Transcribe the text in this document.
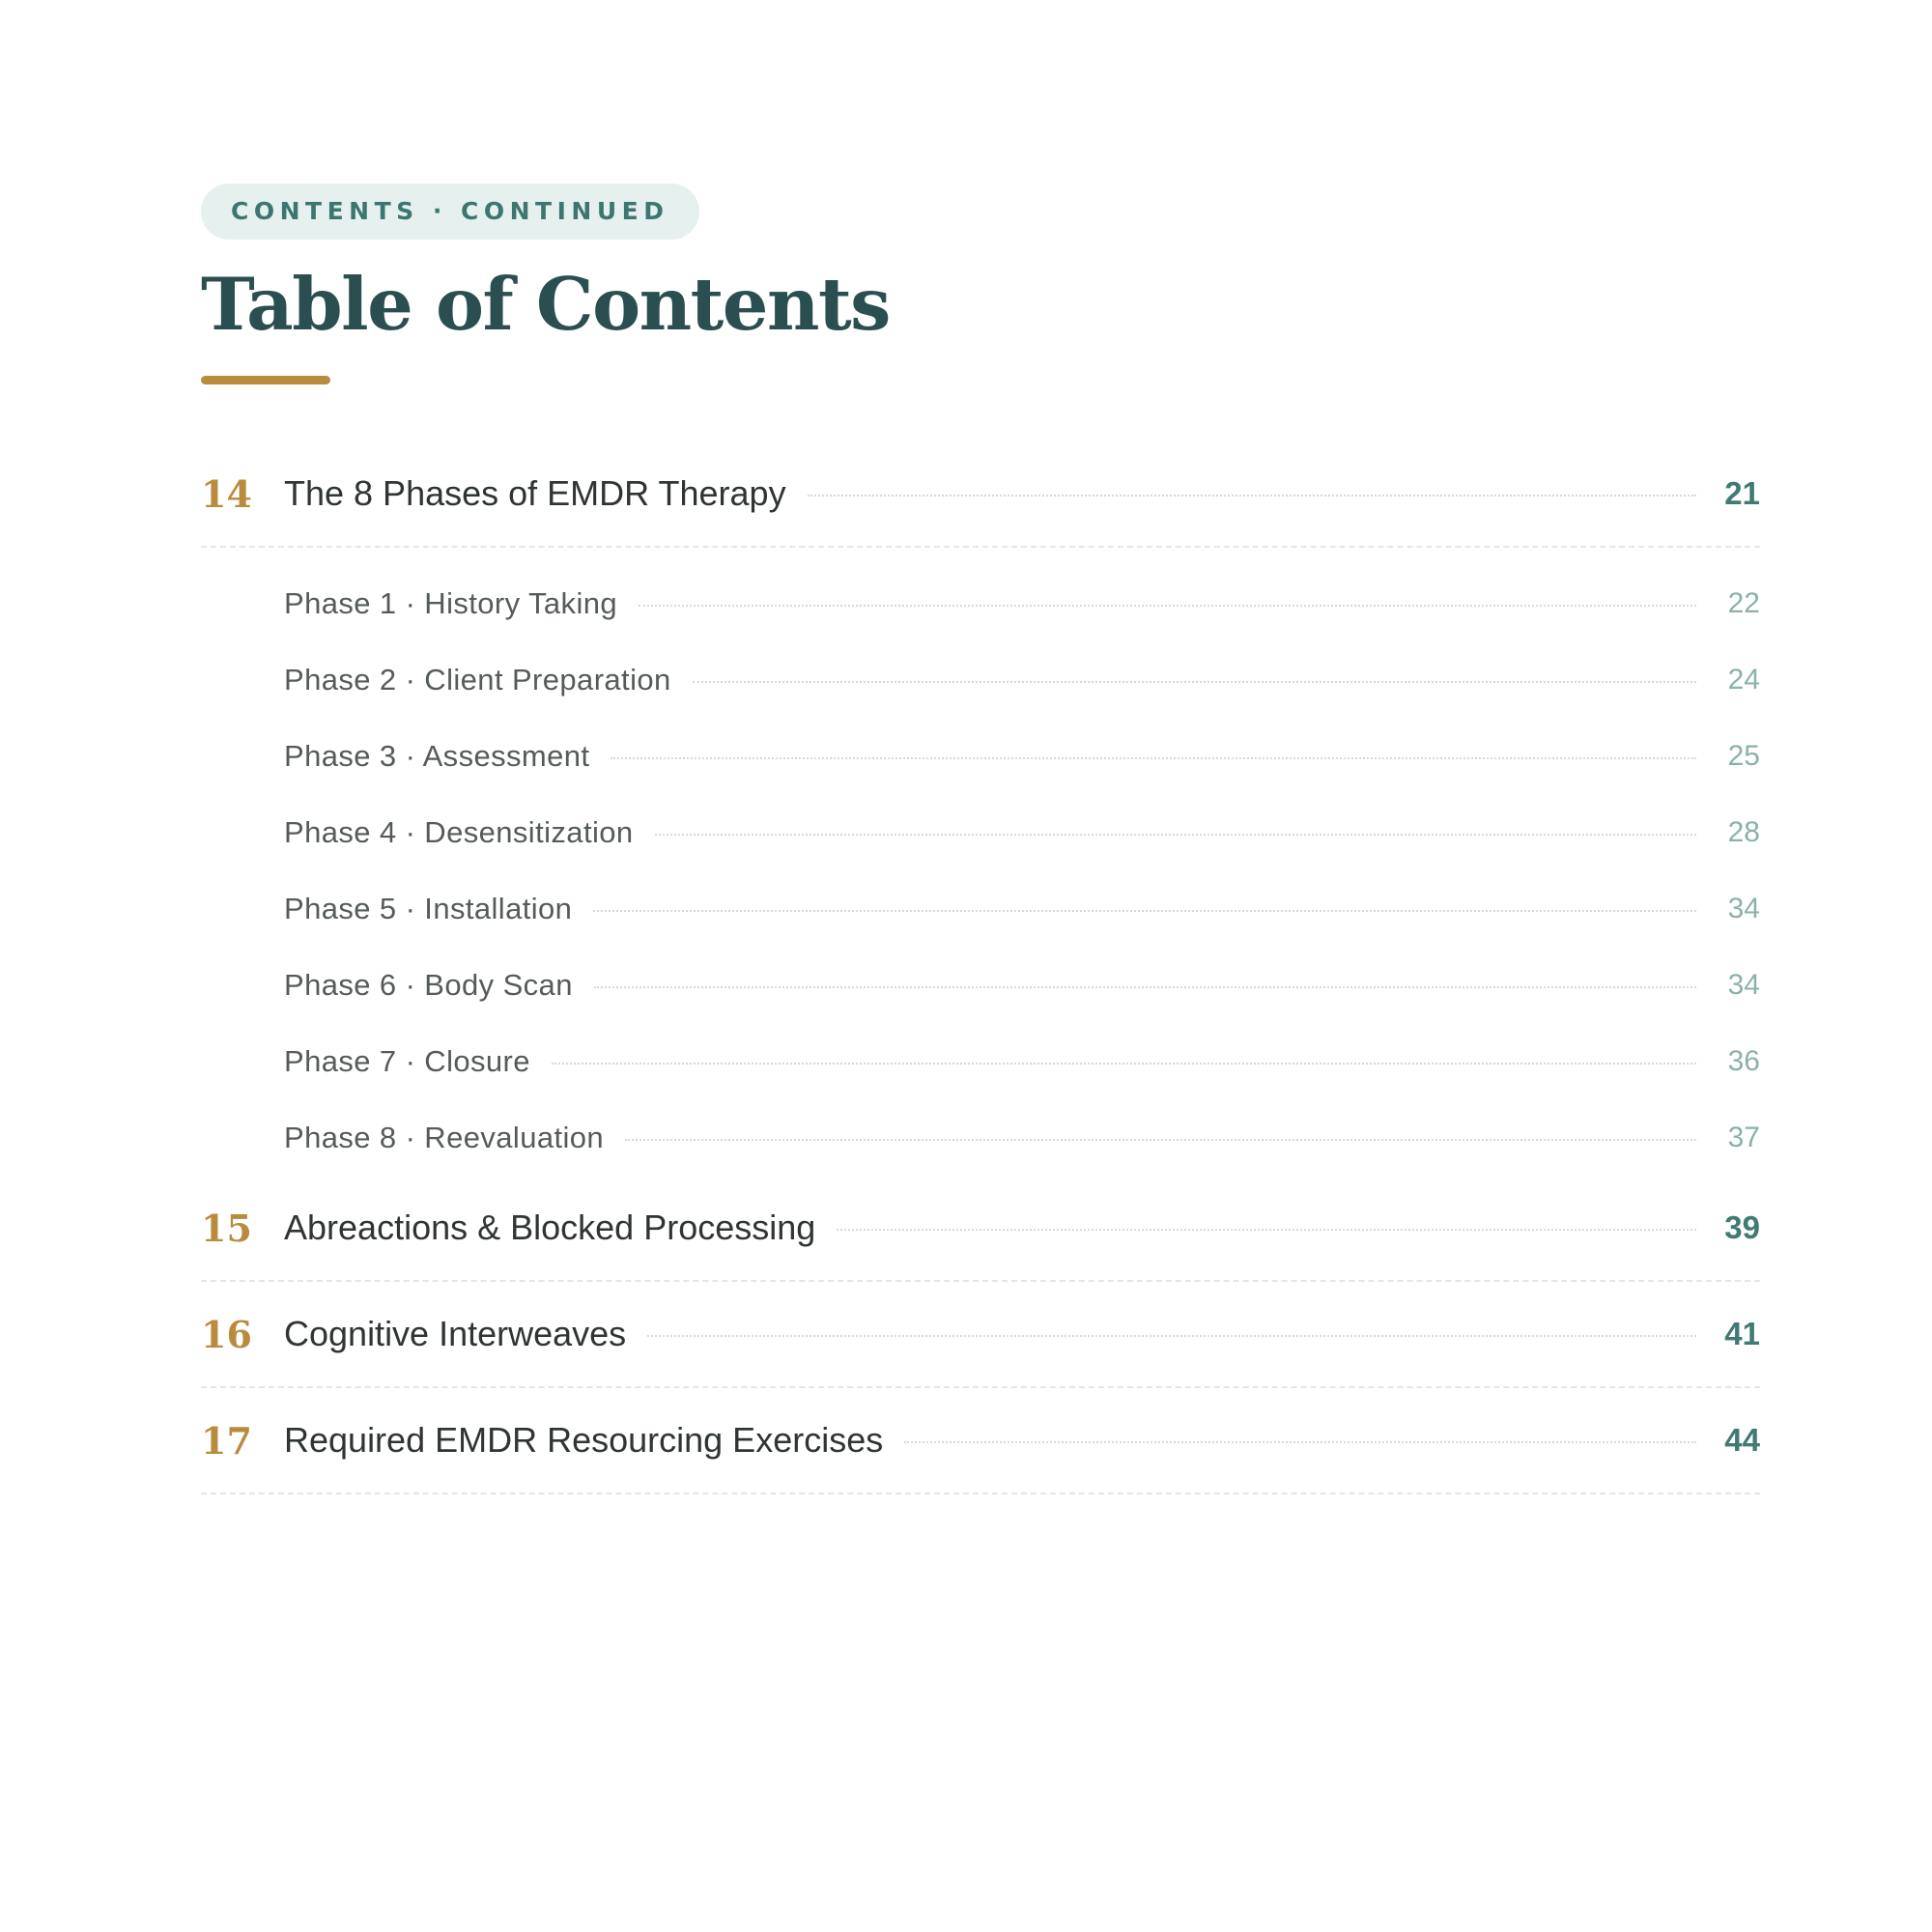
CONTENTS · CONTINUED
Table of Contents
14 The 8 Phases of EMDR Therapy	21
Phase 1 · History Taking	22
Phase 2 · Client Preparation	24
Phase 3 · Assessment	25
Phase 4 · Desensitization	28
Phase 5 · Installation	34
Phase 6 · Body Scan	34
Phase 7 · Closure	36
Phase 8 · Reevaluation	37
15 Abreactions & Blocked Processing	39
16 Cognitive Interweaves	41
17 Required EMDR Resourcing Exercises	44
